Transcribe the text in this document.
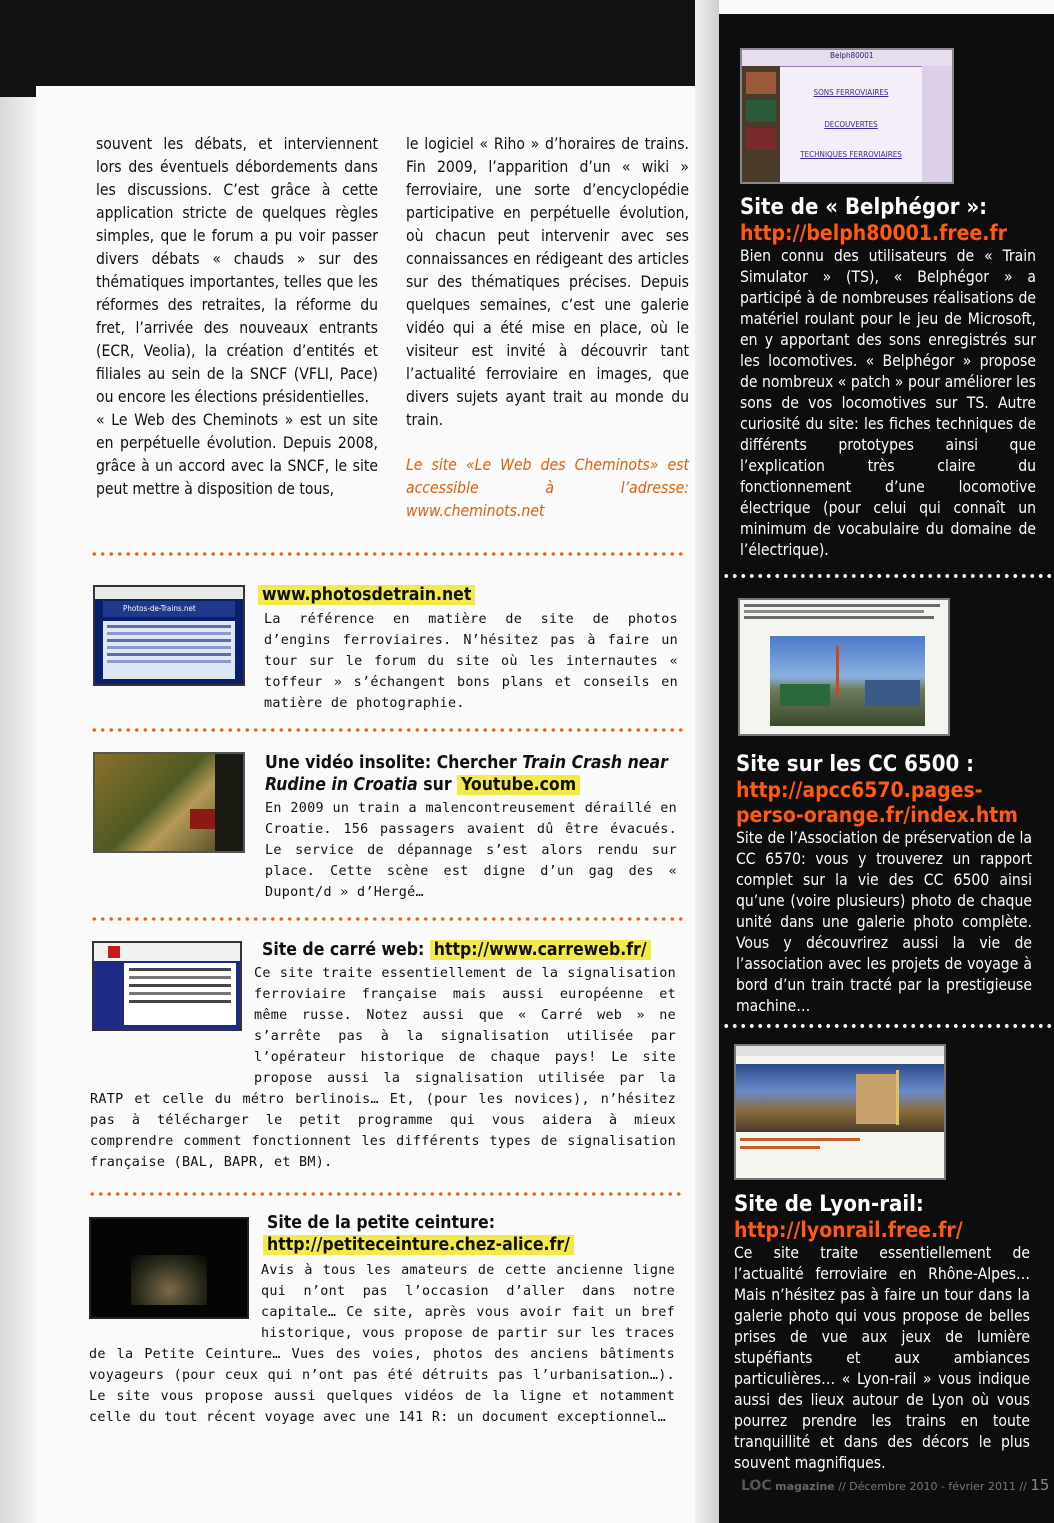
souvent les débats, et interviennent lors des éventuels débordements dans les discussions. C’est grâce à cette application stricte de quelques règles simples, que le forum a pu voir passer divers débats « chauds » sur des thématiques importantes, telles que les réformes des retraites, la réforme du fret, l’arrivée des nouveaux entrants (ECR, Veolia), la création d’entités et filiales au sein de la SNCF (VFLI, Pace) ou encore les élections présidentielles.

« Le Web des Cheminots » est un site en perpétuelle évolution. Depuis 2008, grâce à un accord avec la SNCF, le site peut mettre à disposition de tous,

le logiciel « Riho » d’horaires de trains. Fin 2009, l’apparition d’un « wiki » ferroviaire, une sorte d’encyclopédie participative en perpétuelle évolution, où chacun peut intervenir avec ses connaissances en rédigeant des articles sur des thématiques précises. Depuis quelques semaines, c’est une galerie vidéo qui a été mise en place, où le visiteur est invité à découvrir tant l’actualité ferroviaire en images, que divers sujets ayant trait au monde du train.

Le site «Le Web des Cheminots» est accessible à l’adresse: www.cheminots.net

Photos-de-Trains.net
www.photosdetrain.net
La référence en matière de site de photos d’engins ferroviaires. N’hésitez pas à faire un tour sur le forum du site où les internautes « toffeur » s’échangent bons plans et conseils en matière de photographie.
Une vidéo insolite: Chercher Train Crash near Rudine in Croatia sur Youtube.com
En 2009 un train a malencontreusement déraillé en Croatie. 156 passagers avaient dû être évacués. Le service de dépannage s’est alors rendu sur place. Cette scène est digne d’un gag des « Dupont/d » d’Hergé…
Site de carré web: http://www.carreweb.fr/
Ce site traite essentiellement de la signalisation ferroviaire française mais aussi européenne et même russe. Notez aussi que « Carré web » ne s’arrête pas à la signalisation utilisée par l’opérateur historique de chaque pays! Le site propose aussi la signalisation utilisée par la RATP et celle du métro berlinois… Et, (pour les novices), n’hésitez pas à télécharger le petit programme qui vous aidera à mieux comprendre comment fonctionnent les différents types de signalisation française (BAL, BAPR, et BM).
Site de la petite ceinture:
http://petiteceinture.chez-alice.fr/
Avis à tous les amateurs de cette ancienne ligne qui n’ont pas l’occasion d’aller dans notre capitale… Ce site, après vous avoir fait un bref historique, vous propose de partir sur les traces de la Petite Ceinture… Vues des voies, photos des anciens bâtiments voyageurs (pour ceux qui n’ont pas été détruits pas l’urbanisation…). Le site vous propose aussi quelques vidéos de la ligne et notamment celle du tout récent voyage avec une 141 R: un document exceptionnel…
Belph80001
SONS FERROVIAIRES
DECOUVERTES
TECHNIQUES FERROVIAIRES
Site de « Belphégor »:
http://belph80001.free.fr
Bien connu des utilisateurs de « Train Simulator » (TS), « Belphégor » a participé à de nombreuses réalisations de matériel roulant pour le jeu de Microsoft, en y apportant des sons enregistrés sur les locomotives. « Belphégor » propose de nombreux « patch » pour améliorer les sons de vos locomotives sur TS. Autre curiosité du site: les fiches techniques de différents prototypes ainsi que l’explication très claire du fonctionnement d’une locomotive électrique (pour celui qui connaît un minimum de vocabulaire du domaine de l’électrique).
Site sur les CC 6500 :
http://apcc6570.pages-perso-orange.fr/index.htm
Site de l’Association de préservation de la CC 6570: vous y trouverez un rapport complet sur la vie des CC 6500 ainsi qu’une (voire plusieurs) photo de chaque unité dans une galerie photo complète. Vous y découvrirez aussi la vie de l’association avec les projets de voyage à bord d’un train tracté par la prestigieuse machine…
Site de Lyon-rail:
http://lyonrail.free.fr/
Ce site traite essentiellement de l’actualité ferroviaire en Rhône-Alpes… Mais n’hésitez pas à faire un tour dans la galerie photo qui vous propose de belles prises de vue aux jeux de lumière stupéfiants et aux ambiances particulières… « Lyon-rail » vous indique aussi des lieux autour de Lyon où vous pourrez prendre les trains en toute tranquillité et dans des décors le plus souvent magnifiques.
LOC magazine // Décembre 2010 - février 2011 // 15
